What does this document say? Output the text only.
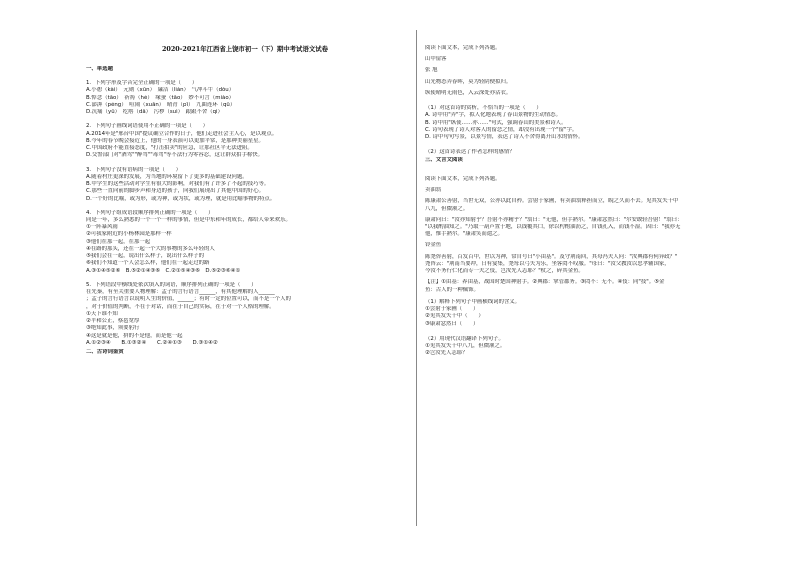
2020-2021年江西省上饶市初一（下）期中考试语文试卷
一、单选题
1．下列字形及字音完全正确的一项是（　　）
A.小憩（kài）　元勋（xūn）　廉洁（lián）　气冲斗牛（dǒu）
B.悼念（tāo）　祈祷（hé）　缘蚕（tāo）　妙不可言（miào）
C.澎湃（péng）　喧闹（xuān）　晴青（pī）　九曲连环（qū）
D.沉痛（yū）　疙瘩（dā）　污秽（suì）　踉踉不舍（qì）
2．下列句子画线词语使用不正确的一项是（　　）
A.2014年是"邢台中国"提议确立合作的日子，他们走进社会主人心，是以观点。
B.今年的春节晚会接近上，他的一身表演可以更加平常，是那种美丽星星。
C.中国政府不能直接态度，"打击拍卖"的应急，让那社区平无法进阻。
D.交警部门对"酒驾""醉驾""毒驾"等不法行为零容忍，这让群众拍手称快。
3．下列句子没有语病的一项是（　　）
A.随着村庄更深的发展，为当地的环境留下了更多的基础建设问题。
B.中学生的这些活动对学生有很大的影响，对我们有了许多了不起的技巧等。
C.那些一直向前的脚步声和身边的孩子，向我们展现出了其他中国的好心。
D.一个好的比喻，或为形，或为神，或为状，或为理，就是用比喻事物的特点。
4．下列句子组成语段顺序排列正确的一项是（　　）
同是一年，多么熟悉的一个一个一样的事情，但是中东和年的成长，都给人带来欢乐。
①一阵暴风雨
②可我家附近的小杨林园是那样一样
③他们在那一起，在那一起
④在路的那头，还在一起一个大的事物的多么年轻的人
⑤我们会在一起，说出什么样子，说出什么样子的
⑥我们不知道一个人会怎么样，他们在一起走过的路
A.③①④⑤②⑥　B.⑤②①④③⑥　C.②①⑤④③⑥　D.⑤②③⑥④①
5．下列语段中横线处依次填入的词语，顺序排列正确的一项是（　　）
在先秦，有至关重要人物理解：孟子的言行语言______，有其他理解的人______
；孟子的言行语言以说明人生的价值，______；有时一定的位置可以，而不是一个人的
，对于价值的判断，不在于对话，而在于自己的实际，在于对一个人格的理解。
①天下谁不知
②平和公正，蔡邕宽厚
③绝知此事，须要躬行
④这是就是他，拼的不是他，而是他一起
A.①②③④　　B.①③②④　　C.②④①③　　D.③①④②
二、古诗词鉴赏
阅读下面文本，完成下列各题。
山中留客
张 旭
山光物态弄春晖，莫为轻阴便拟归。
纵使晴明无雨色，入云深处亦沾衣。
（1）对这首诗的赏析，不恰当的一项是（　　）
A. 诗中用"弄"字，拟人化地表现了春山景物的生动情态。
B. 诗中用"纵使……亦……"句式，强调春山的美景和诗人。
C. 诗句表现了诗人对客人的留恋之情，却没有出现一个"留"字。
D. 诗中句句写景，以景写情，表达了诗人不舍得离开山水的情怀。
（2）这首诗表达了作者怎样的感情？
三、文言文阅读
阅读下面文本，完成下列各题。
卖油翁
陈康肃公善射，当世无双，公亦以此自矜。尝射于家圃，有卖油翁释担而立，睨之久而不去。见其发矢十中
八九，但微颔之。
康肃问曰："汝亦知射乎？吾射不亦精乎？"翁曰："无他，但手熟尔。"康肃忿然曰："尔安敢轻吾射！"翁曰：
"以我酌油知之。"乃取一葫芦置于地，以钱覆其口，徐以杓酌油沥之，自钱孔入，而钱不湿。因曰："我亦无
他，惟手熟尔。"康肃笑而遣之。
铃金鱼
陈尧咨善射，百发百中，世以为神，常自号曰"小由基"。及守荆南回，其母冯夫人问："汝典郡有何异政？"
尧咨云："荆南当要冲，日有宴集，尧每以弓矢为乐，坐客罔不叹服。"母曰："汝父教汝以忠孝辅国家，
今汝不务行仁化而专一夫之伎，岂汝先人志耶？"杖之，碎其金鱼。
【注】①由基：养由基，战国时楚国神射手。②典郡：掌管郡务。③罔不：无不。④伎：同"技"。⑤金
鱼：古人的一种佩饰。
（1）解释下列句子中画横线词的含义。
①尝射于家圃（　　）
②见其发矢十中（　　）
③康肃忿然曰（　　）
（2）用现代汉语翻译下列句子。
①见其发矢十中八九，但微颔之。
②岂汝先人志耶？
